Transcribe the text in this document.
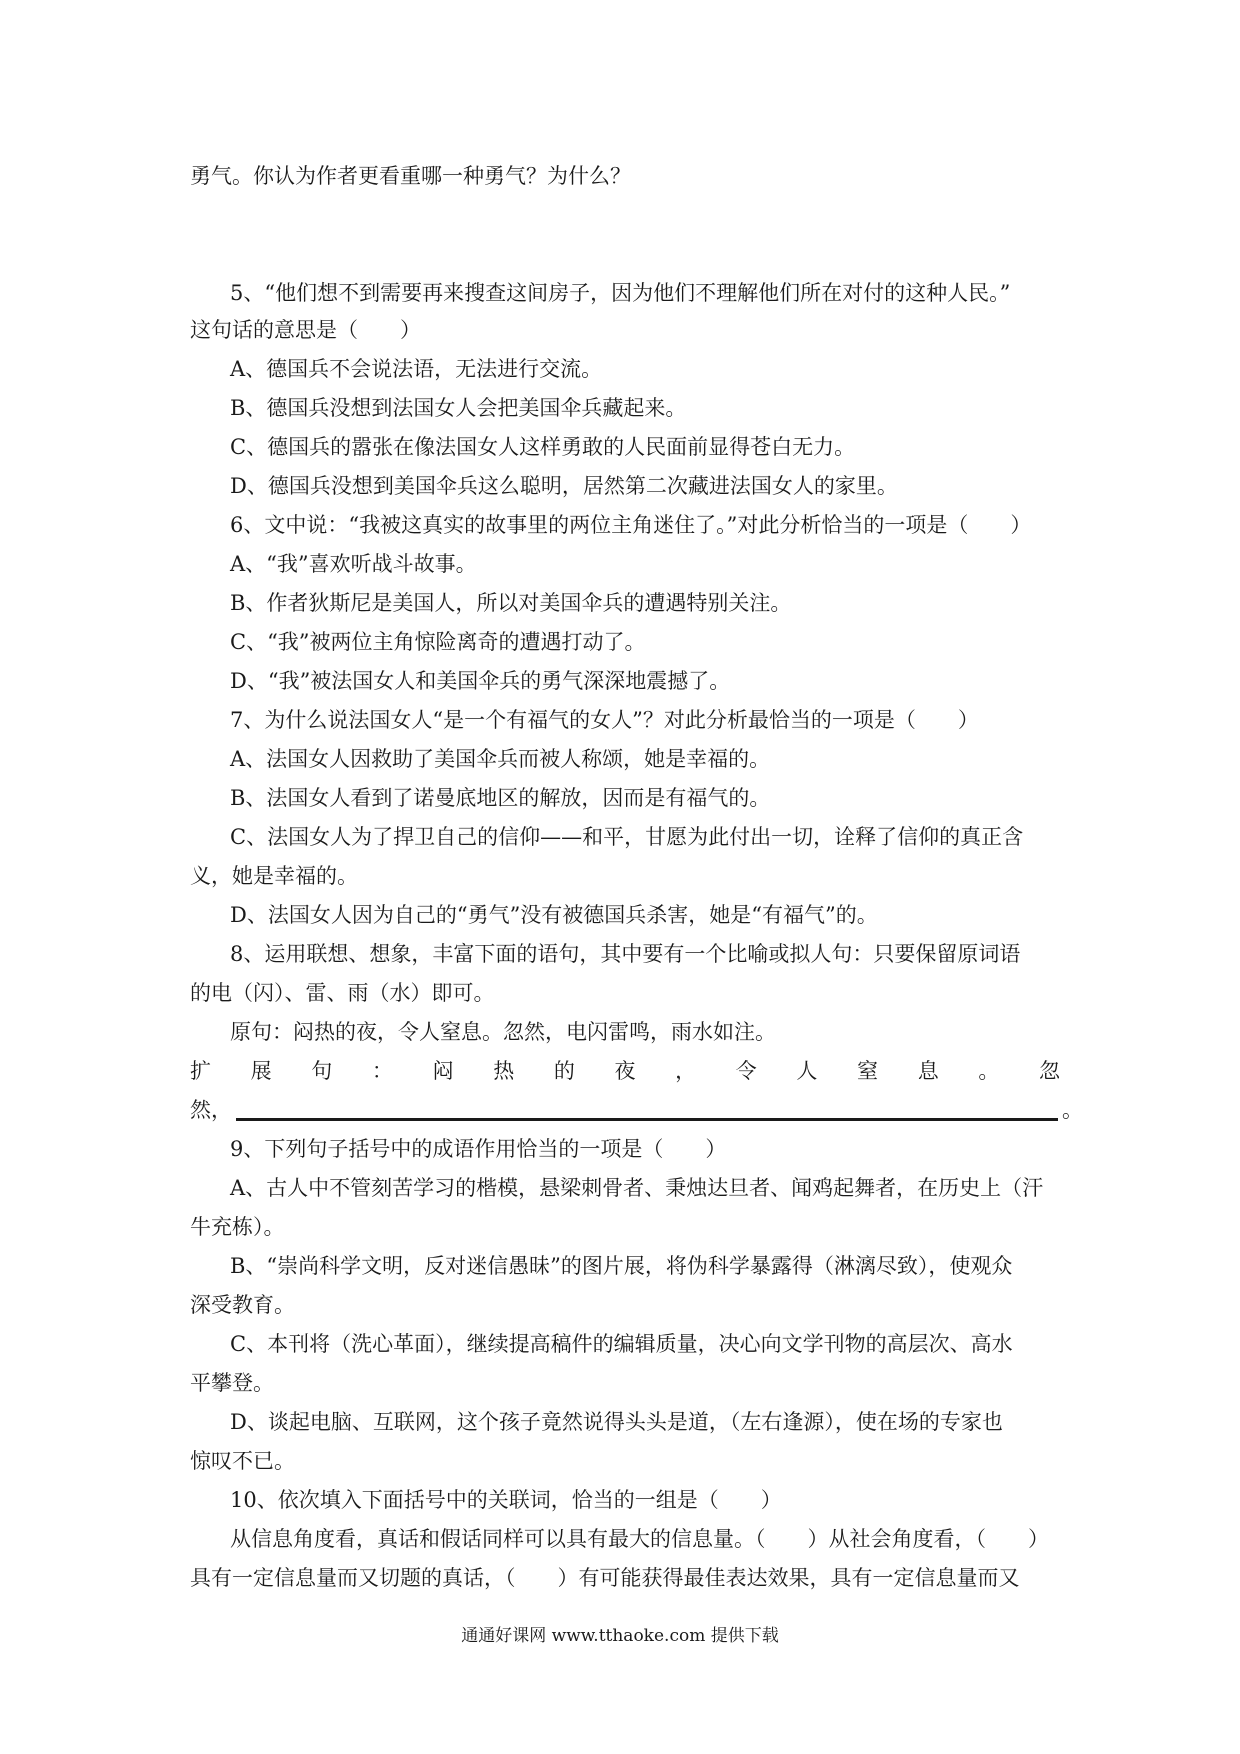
勇气。你认为作者更看重哪一种勇气？为什么？
5、“他们想不到需要再来搜查这间房子，因为他们不理解他们所在对付的这种人民。”
这句话的意思是（　　）
A、德国兵不会说法语，无法进行交流。
B、德国兵没想到法国女人会把美国伞兵藏起来。
C、德国兵的嚣张在像法国女人这样勇敢的人民面前显得苍白无力。
D、德国兵没想到美国伞兵这么聪明，居然第二次藏进法国女人的家里。
6、文中说：“我被这真实的故事里的两位主角迷住了。”对此分析恰当的一项是（　　）
A、“我”喜欢听战斗故事。
B、作者狄斯尼是美国人，所以对美国伞兵的遭遇特别关注。
C、“我”被两位主角惊险离奇的遭遇打动了。
D、“我”被法国女人和美国伞兵的勇气深深地震撼了。
7、为什么说法国女人“是一个有福气的女人”？对此分析最恰当的一项是（　　）
A、法国女人因救助了美国伞兵而被人称颂，她是幸福的。
B、法国女人看到了诺曼底地区的解放，因而是有福气的。
C、法国女人为了捍卫自己的信仰——和平，甘愿为此付出一切，诠释了信仰的真正含
义，她是幸福的。
D、法国女人因为自己的“勇气”没有被德国兵杀害，她是“有福气”的。
8、运用联想、想象，丰富下面的语句，其中要有一个比喻或拟人句：只要保留原词语
的电（闪）、雷、雨（水）即可。
原句：闷热的夜，令人窒息。忽然，电闪雷鸣，雨水如注。
扩 展 句 ： 闷 热 的 夜 ， 令 人 窒 息 。 忽
然，	。
9、下列句子括号中的成语作用恰当的一项是（　　）
A、古人中不管刻苦学习的楷模，悬梁刺骨者、秉烛达旦者、闻鸡起舞者，在历史上（汗
牛充栋）。
B、“崇尚科学文明，反对迷信愚昧”的图片展，将伪科学暴露得（淋漓尽致），使观众
深受教育。
C、本刊将（洗心革面），继续提高稿件的编辑质量，决心向文学刊物的高层次、高水
平攀登。
D、谈起电脑、互联网，这个孩子竟然说得头头是道，（左右逢源），使在场的专家也
惊叹不已。
10、依次填入下面括号中的关联词，恰当的一组是（　　）
从信息角度看，真话和假话同样可以具有最大的信息量。（　　）从社会角度看，（　　）
具有一定信息量而又切题的真话，（　　）有可能获得最佳表达效果，具有一定信息量而又
通通好课网 www.tthaoke.com 提供下载
